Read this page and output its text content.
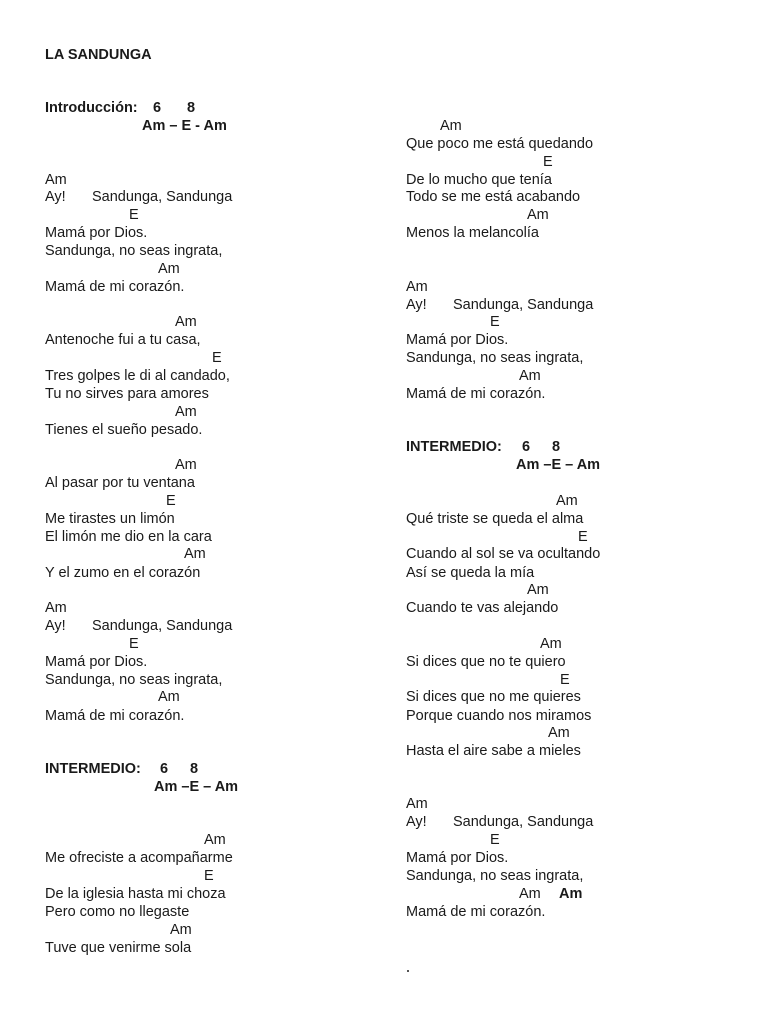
LA SANDUNGA
Introducción: 6 8
Am – E - Am
Am
Ay! Sandunga, Sandunga
E
Mamá por Dios.
Sandunga, no seas ingrata,
Am
Mamá de mi corazón.
Am
Antenoche fui a tu casa,
E
Tres golpes le di al candado,
Tu no sirves para amores
Am
Tienes el sueño pesado.
Am
Al pasar por tu ventana
E
Me tirastes un limón
El limón me dio en la cara
Am
Y el zumo en el corazón
Am
Ay! Sandunga, Sandunga
E
Mamá por Dios.
Sandunga, no seas ingrata,
Am
Mamá de mi corazón.
INTERMEDIO: 6 8
Am –E – Am
Am
Me ofreciste a acompañarme
E
De la iglesia hasta mi choza
Pero como no llegaste
Am
Tuve que venirme sola
Am
Que poco me está quedando
E
De lo mucho que tenía
Todo se me está acabando
Am
Menos la melancolía
Am
Ay! Sandunga, Sandunga
E
Mamá por Dios.
Sandunga, no seas ingrata,
Am
Mamá de mi corazón.
INTERMEDIO: 6 8
Am –E – Am
Am
Qué triste se queda el alma
E
Cuando al sol se va ocultando
Así se queda la mía
Am
Cuando te vas alejando
Am
Si dices que no te quiero
E
Si dices que no me quieres
Porque cuando nos miramos
Am
Hasta el aire sabe a mieles
Am
Ay! Sandunga, Sandunga
E
Mamá por Dios.
Sandunga, no seas ingrata,
Am Am
Mamá de mi corazón.
